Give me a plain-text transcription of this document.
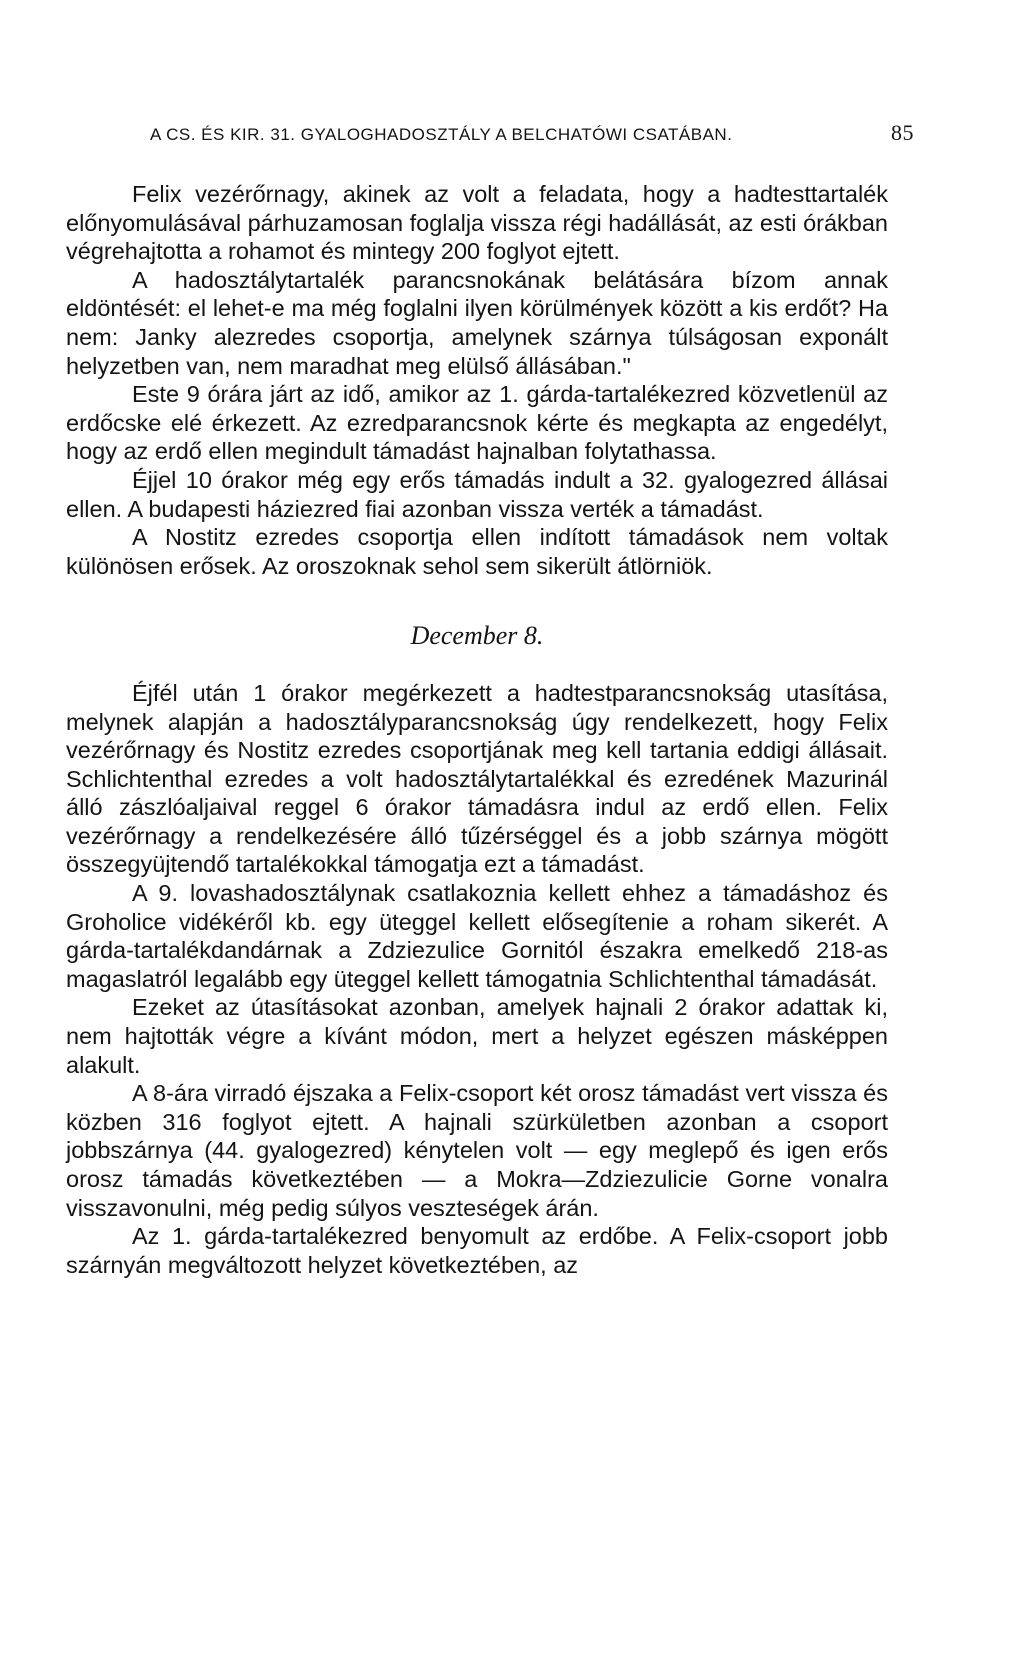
A CS. ÉS KIR. 31. GYALOGHADOSZTÁLY A BELCHATÓWI CSATÁBAN.	85

Felix vezérőrnagy, akinek az volt a feladata, hogy a hadtesttartalék előnyomulásával párhuzamosan foglalja vissza régi hadállását, az esti órákban végrehajtotta a rohamot és mintegy 200 foglyot ejtett.

A hadosztálytartalék parancsnokának belátására bízom annak eldöntését: el lehet-e ma még foglalni ilyen körülmények között a kis erdőt? Ha nem: Janky alezredes csoportja, amelynek szárnya túlságosan exponált helyzetben van, nem maradhat meg elülső állásában."

Este 9 órára járt az idő, amikor az 1. gárda-tartalékezred közvetlenül az erdőcske elé érkezett. Az ezredparancsnok kérte és megkapta az engedélyt, hogy az erdő ellen megindult támadást hajnalban folytathassa.

Éjjel 10 órakor még egy erős támadás indult a 32. gyalogezred állásai ellen. A budapesti háziezred fiai azonban vissza verték a támadást.

A Nostitz ezredes csoportja ellen indított támadások nem voltak különösen erősek. Az oroszoknak sehol sem sikerült átlörniök.

December 8.

Éjfél után 1 órakor megérkezett a hadtestparancsnokság utasítása, melynek alapján a hadosztályparancsnokság úgy rendelkezett, hogy Felix vezérőrnagy és Nostitz ezredes csoportjának meg kell tartania eddigi állásait. Schlichtenthal ezredes a volt hadosztálytartalékkal és ezredének Mazurinál álló zászlóaljaival reggel 6 órakor támadásra indul az erdő ellen. Felix vezérőrnagy a rendelkezésére álló tűzérséggel és a jobb szárnya mögött összegyüjtendő tartalékokkal támogatja ezt a támadást.

A 9. lovashadosztálynak csatlakoznia kellett ehhez a támadáshoz és Groholice vidékéről kb. egy üteggel kellett elősegítenie a roham sikerét. A gárda-tartalékdandárnak a Zdziezulice Gornitól északra emelkedő 218-as magaslatról legalább egy üteggel kellett támogatnia Schlichtenthal támadását.

Ezeket az útasításokat azonban, amelyek hajnali 2 órakor adattak ki, nem hajtották végre a kívánt módon, mert a helyzet egészen másképpen alakult.

A 8-ára virradó éjszaka a Felix-csoport két orosz támadást vert vissza és közben 316 foglyot ejtett. A hajnali szürkületben azonban a csoport jobbszárnya (44. gyalogezred) kénytelen volt — egy meglepő és igen erős orosz támadás következtében — a Mokra—Zdziezulicie Gorne vonalra visszavonulni, még pedig súlyos veszteségek árán.

Az 1. gárda-tartalékezred benyomult az erdőbe. A Felix-csoport jobb szárnyán megváltozott helyzet következtében, az
